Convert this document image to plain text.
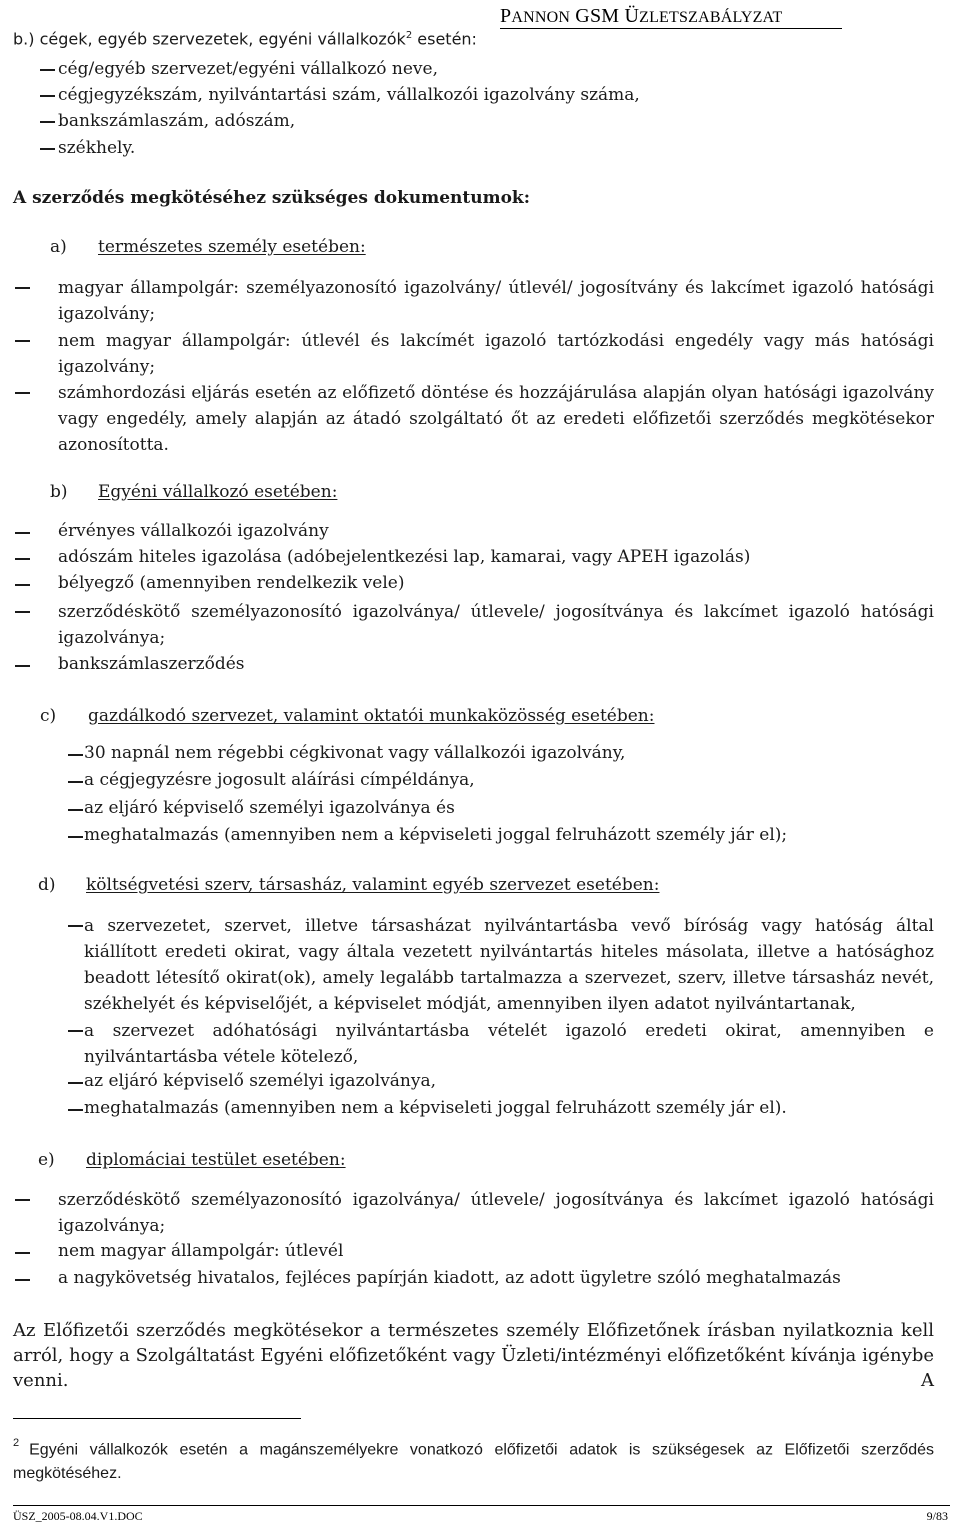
PANNON GSM ÜZLETSZABÁLYZAT
b.) cégek, egyéb szervezetek, egyéni vállalkozók$^2$ esetén:
cég/egyéb szervezet/egyéni vállalkozó neve,
cégjegyzékszám, nyilvántartási szám, vállalkozói igazolvány száma,
bankszámlaszám, adószám,
székhely.
A szerződés megkötéséhez szükséges dokumentumok:
a) természetes személy esetében:
magyar állampolgár: személyazonosító igazolvány/ útlevél/ jogosítvány és lakcímet igazoló hatósági igazolvány;
nem magyar állampolgár: útlevél és lakcímét igazoló tartózkodási engedély vagy más hatósági igazolvány;
számhordozási eljárás esetén az előfizető döntése és hozzájárulása alapján olyan hatósági igazolvány vagy engedély, amely alapján az átadó szolgáltató őt az eredeti előfizetői szerződés megkötésekor azonosította.
b) Egyéni vállalkozó esetében:
érvényes vállalkozói igazolvány
adószám hiteles igazolása (adóbejelentkezési lap, kamarai, vagy APEH igazolás)
bélyegző (amennyiben rendelkezik vele)
szerződéskötő személyazonosító igazolványa/ útlevele/ jogosítványa és lakcímet igazoló hatósági igazolványa;
bankszámlaszerződés
c) gazdálkodó szervezet, valamint oktatói munkaközösség esetében:
30 napnál nem régebbi cégkivonat vagy vállalkozói igazolvány,
a cégjegyzésre jogosult aláírási címpéldánya,
az eljáró képviselő személyi igazolványa és
meghatalmazás (amennyiben nem a képviseleti joggal felruházott személy jár el);
d) költségvetési szerv, társasház, valamint egyéb szervezet esetében:
a szervezetet, szervet, illetve társasházat nyilvántartásba vevő bíróság vagy hatóság által kiállított eredeti okirat, vagy általa vezetett nyilvántartás hiteles másolata, illetve a hatósághoz beadott létesítő okirat(ok), amely legalább tartalmazza a szervezet, szerv, illetve társasház nevét, székhelyét és képviselőjét, a képviselet módját, amennyiben ilyen adatot nyilvántartanak,
a szervezet adóhatósági nyilvántartásba vételét igazoló eredeti okirat, amennyiben e nyilvántartásba vétele kötelező,
az eljáró képviselő személyi igazolványa,
meghatalmazás (amennyiben nem a képviseleti joggal felruházott személy jár el).
e) diplomáciai testület esetében:
szerződéskötő személyazonosító igazolványa/ útlevele/ jogosítványa és lakcímet igazoló hatósági igazolványa;
nem magyar állampolgár: útlevél
a nagykövetség hivatalos, fejléces papírján kiadott, az adott ügyletre szóló meghatalmazás
Az Előfizetői szerződés megkötésekor a természetes személy Előfizetőnek írásban nyilatkoznia kell arról, hogy a Szolgáltatást Egyéni előfizetőként vagy Üzleti/intézményi előfizetőként kívánja igénybe venni. A
$^2$ Egyéni vállalkozók esetén a magánszemélyekre vonatkozó előfizetői adatok is szükségesek az Előfizetői szerződés megkötéséhez.
ÜSZ_2005-08.04.V1.DOC	9/83
